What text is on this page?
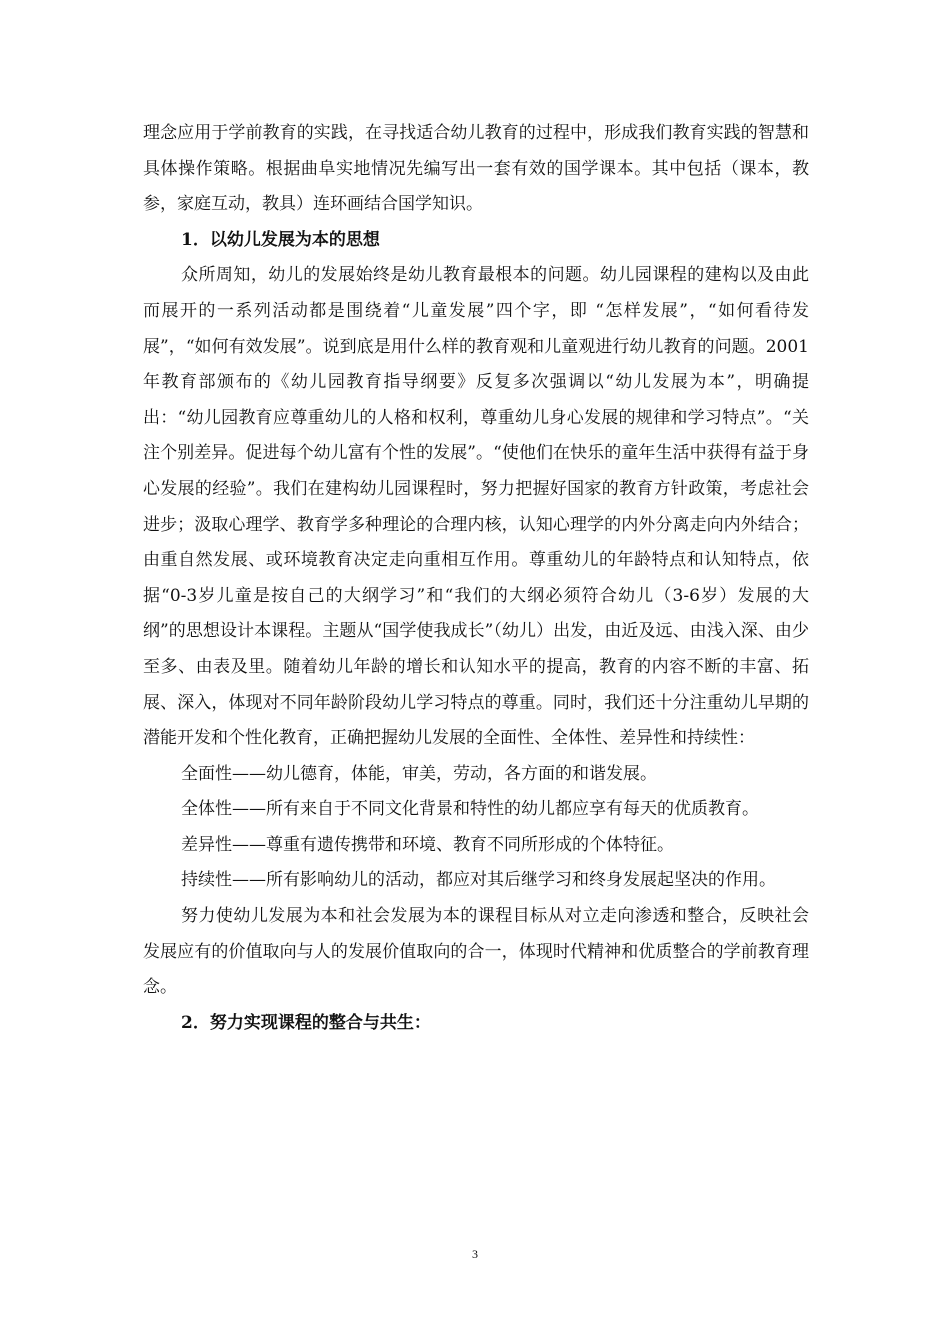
理念应用于学前教育的实践，在寻找适合幼儿教育的过程中，形成我们教育实践的智慧和具体操作策略。根据曲阜实地情况先编写出一套有效的国学课本。其中包括（课本，教参，家庭互动，教具）连环画结合国学知识。

1．以幼儿发展为本的思想

众所周知，幼儿的发展始终是幼儿教育最根本的问题。幼儿园课程的建构以及由此而展开的一系列活动都是围绕着“儿童发展”四个字，即 “怎样发展”，“如何看待发展”，“如何有效发展”。说到底是用什么样的教育观和儿童观进行幼儿教育的问题。2001年教育部颁布的《幼儿园教育指导纲要》反复多次强调以“幼儿发展为本”，明确提出：“幼儿园教育应尊重幼儿的人格和权利，尊重幼儿身心发展的规律和学习特点”。“关注个别差异。促进每个幼儿富有个性的发展”。“使他们在快乐的童年生活中获得有益于身心发展的经验”。我们在建构幼儿园课程时，努力把握好国家的教育方针政策，考虑社会进步；汲取心理学、教育学多种理论的合理内核，认知心理学的内外分离走向内外结合；由重自然发展、或环境教育决定走向重相互作用。尊重幼儿的年龄特点和认知特点，依据“0-3岁儿童是按自己的大纲学习”和“我们的大纲必须符合幼儿（3-6岁）发展的大纲”的思想设计本课程。主题从“国学使我成长”（幼儿）出发，由近及远、由浅入深、由少至多、由表及里。随着幼儿年龄的增长和认知水平的提高，教育的内容不断的丰富、拓展、深入，体现对不同年龄阶段幼儿学习特点的尊重。同时，我们还十分注重幼儿早期的潜能开发和个性化教育，正确把握幼儿发展的全面性、全体性、差异性和持续性：

全面性——幼儿德育，体能，审美，劳动，各方面的和谐发展。

全体性——所有来自于不同文化背景和特性的幼儿都应享有每天的优质教育。

差异性——尊重有遗传携带和环境、教育不同所形成的个体特征。

持续性——所有影响幼儿的活动，都应对其后继学习和终身发展起坚决的作用。

努力使幼儿发展为本和社会发展为本的课程目标从对立走向渗透和整合，反映社会发展应有的价值取向与人的发展价值取向的合一，体现时代精神和优质整合的学前教育理念。

2．努力实现课程的整合与共生：

3
